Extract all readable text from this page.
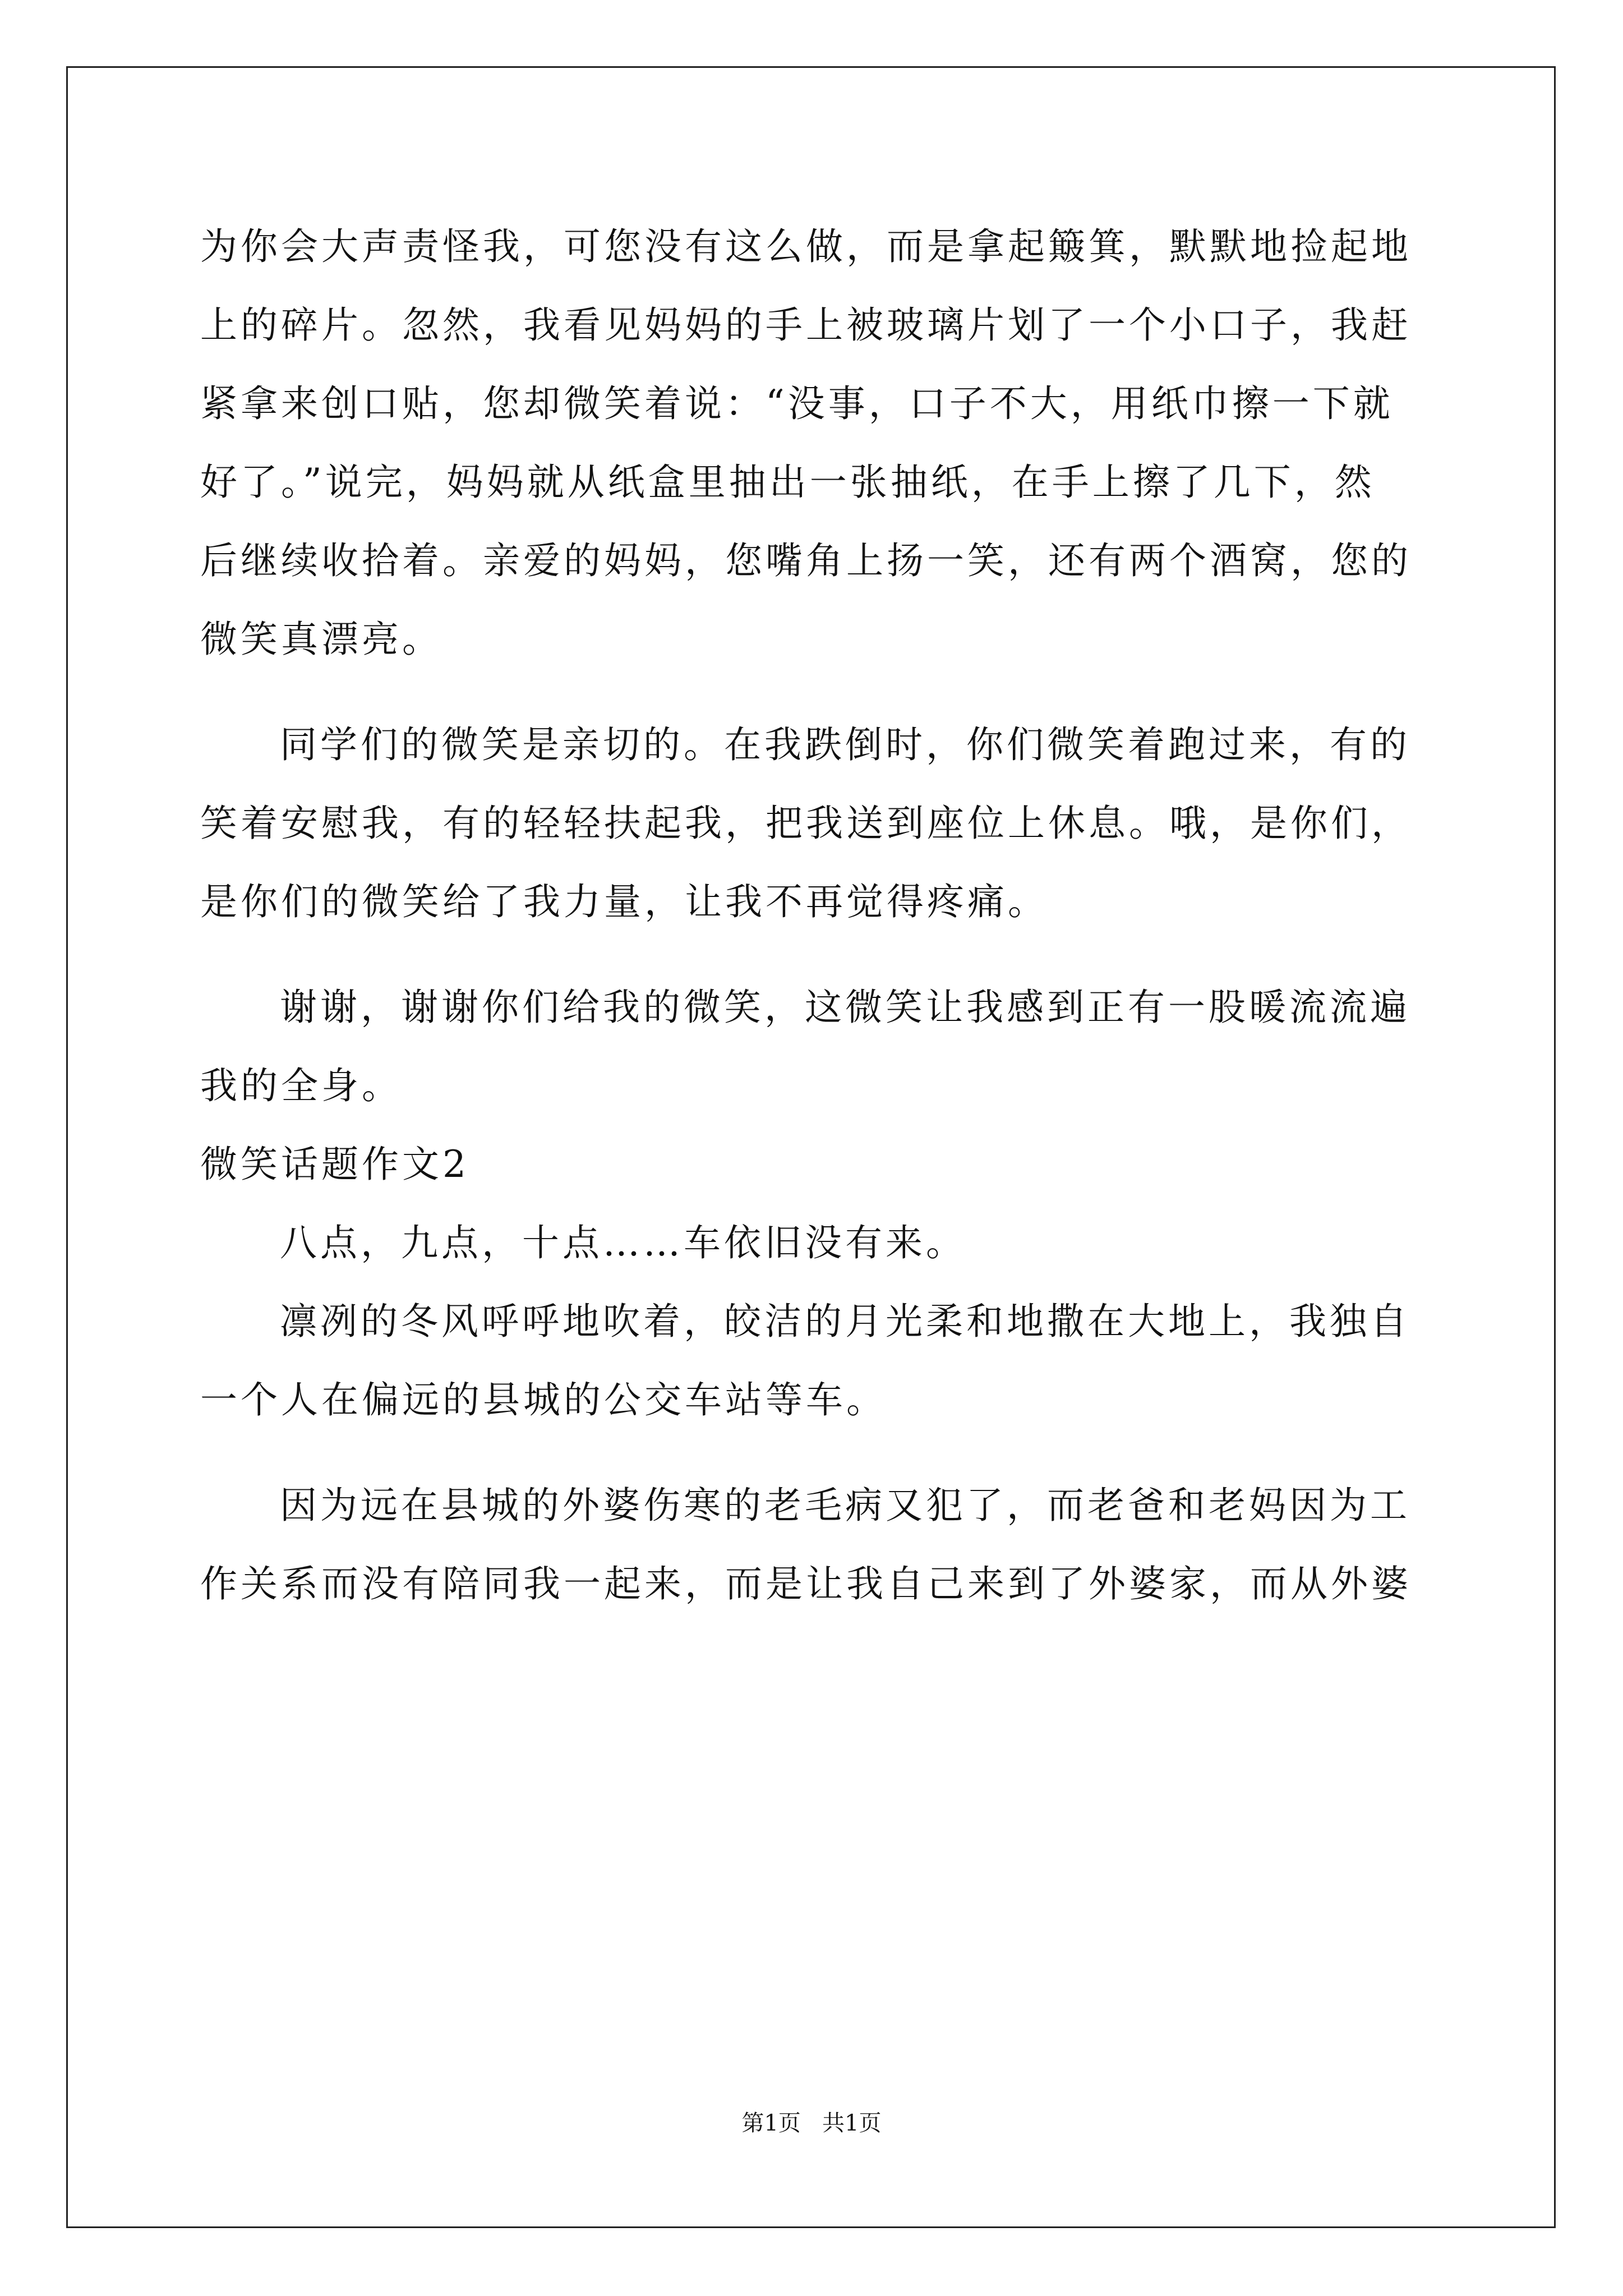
为你会大声责怪我，可您没有这么做，而是拿起簸箕，默默地捡起地
上的碎片。忽然，我看见妈妈的手上被玻璃片划了一个小口子，我赶
紧拿来创口贴，您却微笑着说：“没事，口子不大，用纸巾擦一下就
好了。”说完，妈妈就从纸盒里抽出一张抽纸，在手上擦了几下，然
后继续收拾着。亲爱的妈妈，您嘴角上扬一笑，还有两个酒窝，您的
微笑真漂亮。
同学们的微笑是亲切的。在我跌倒时，你们微笑着跑过来，有的
笑着安慰我，有的轻轻扶起我，把我送到座位上休息。哦，是你们，
是你们的微笑给了我力量，让我不再觉得疼痛。
谢谢，谢谢你们给我的微笑，这微笑让我感到正有一股暖流流遍
我的全身。
微笑话题作文2
八点，九点，十点……车依旧没有来。
凛冽的冬风呼呼地吹着，皎洁的月光柔和地撒在大地上，我独自
一个人在偏远的县城的公交车站等车。
因为远在县城的外婆伤寒的老毛病又犯了，而老爸和老妈因为工
作关系而没有陪同我一起来，而是让我自己来到了外婆家，而从外婆
第1页   共1页
